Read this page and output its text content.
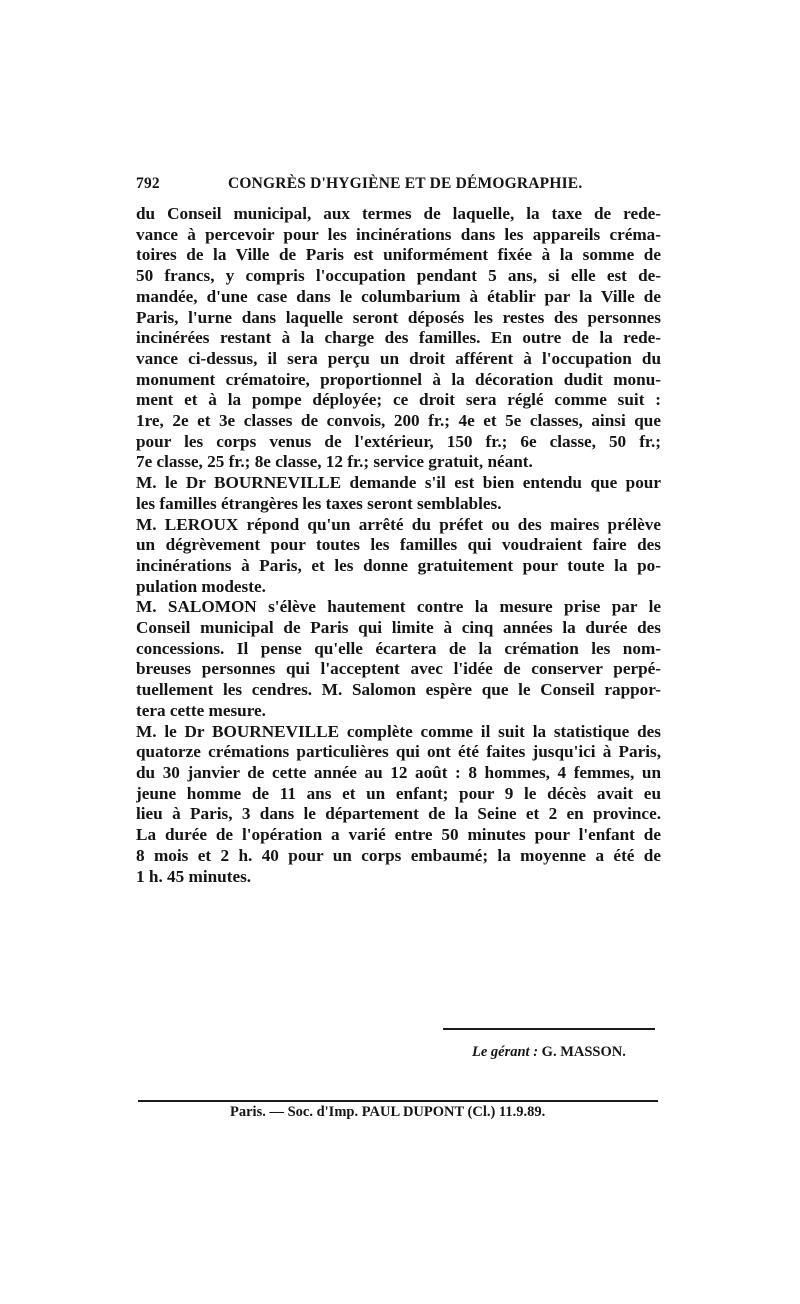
792	CONGRÈS D'HYGIÈNE ET DE DÉMOGRAPHIE.
du Conseil municipal, aux termes de laquelle, la taxe de rede-
vance à percevoir pour les incinérations dans les appareils créma-
toires de la Ville de Paris est uniformément fixée à la somme de
50 francs, y compris l'occupation pendant 5 ans, si elle est de-
mandée, d'une case dans le columbarium à établir par la Ville de
Paris, l'urne dans laquelle seront déposés les restes des personnes
incinérées restant à la charge des familles. En outre de la rede-
vance ci-dessus, il sera perçu un droit afférent à l'occupation du
monument crématoire, proportionnel à la décoration dudit monu-
ment et à la pompe déployée; ce droit sera réglé comme suit :
1re, 2e et 3e classes de convois, 200 fr.; 4e et 5e classes, ainsi que
pour les corps venus de l'extérieur, 150 fr.; 6e classe, 50 fr.;
7e classe, 25 fr.; 8e classe, 12 fr.; service gratuit, néant.
M. le Dr BOURNEVILLE demande s'il est bien entendu que pour
les familles étrangères les taxes seront semblables.
M. LEROUX répond qu'un arrêté du préfet ou des maires prélève
un dégrèvement pour toutes les familles qui voudraient faire des
incinérations à Paris, et les donne gratuitement pour toute la po-
pulation modeste.
M. SALOMON s'élève hautement contre la mesure prise par le
Conseil municipal de Paris qui limite à cinq années la durée des
concessions. Il pense qu'elle écartera de la crémation les nom-
breuses personnes qui l'acceptent avec l'idée de conserver perpé-
tuellement les cendres. M. Salomon espère que le Conseil rappor-
tera cette mesure.
M. le Dr BOURNEVILLE complète comme il suit la statistique des
quatorze crémations particulières qui ont été faites jusqu'ici à Paris,
du 30 janvier de cette année au 12 août : 8 hommes, 4 femmes, un
jeune homme de 11 ans et un enfant; pour 9 le décès avait eu
lieu à Paris, 3 dans le département de la Seine et 2 en province.
La durée de l'opération a varié entre 50 minutes pour l'enfant de
8 mois et 2 h. 40 pour un corps embaumé; la moyenne a été de
1 h. 45 minutes.
Le gérant : G. MASSON.
Paris. — Soc. d'Imp. PAUL DUPONT (Cl.) 11.9.89.
